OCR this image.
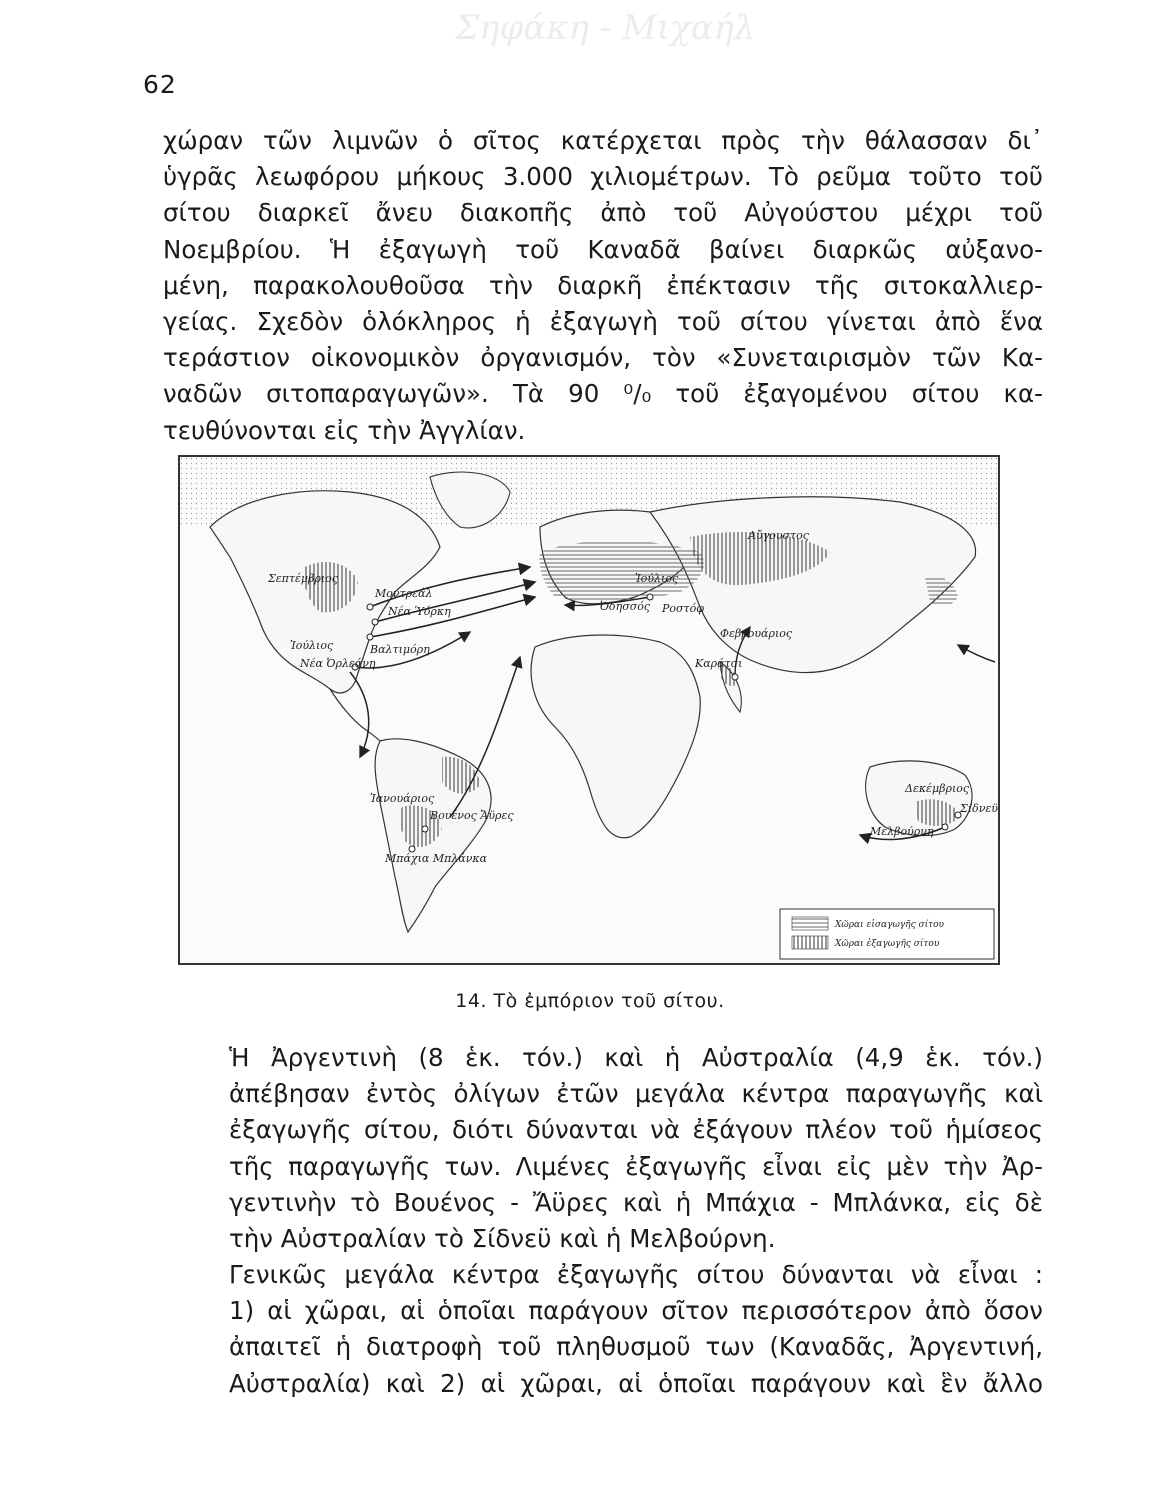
Σηφάκη - Μιχαήλ
62
χώραν τῶν λιμνῶν ὁ σῖτος κατέρχεται πρὸς τὴν θάλασσαν δι᾽
ὑγρᾶς λεωφόρου μήκους 3.000 χιλιομέτρων. Τὸ ρεῦμα τοῦτο τοῦ
σίτου διαρκεῖ ἄνευ διακοπῆς ἀπὸ τοῦ Αὐγούστου μέχρι τοῦ
Νοεμβρίου. Ἡ ἐξαγωγὴ τοῦ Καναδᾶ βαίνει διαρκῶς αὐξανο-
μένη, παρακολουθοῦσα τὴν διαρκῆ ἐπέκτασιν τῆς σιτοκαλλιερ-
γείας. Σχεδὸν ὁλόκληρος ἡ ἐξαγωγὴ τοῦ σίτου γίνεται ἀπὸ ἕνα
τεράστιον οἰκονομικὸν ὀργανισμόν, τὸν «Συνεταιρισμὸν τῶν Κα-
ναδῶν σιτοπαραγωγῶν». Τὰ 90 ⁰/₀ τοῦ ἐξαγομένου σίτου κα-
τευθύνονται εἰς τὴν Ἀγγλίαν.
Σεπτέμβριος
Ἰούλιος
Νέα Ὀρλεάνη
Μοντρεάλ
Νέα Ὑόρκη
Βαλτιμόρη
Αὔγουστος
Ἰούλιος
Ὀδησσός Ροστόφ
Φεβρουάριος
Καράτσι
Ἰανουάριος
Βουένος Ἄϋρες
Μπάχια Μπλάνκα
Δεκέμβριος
Σίδνεϋ
Μελβούρνη
Χῶραι εἰσαγωγῆς σίτου
Χῶραι ἐξαγωγῆς σίτου
14. Τὸ ἐμπόριον τοῦ σίτου.
Ἡ Ἀργεντινὴ (8 ἑκ. τόν.) καὶ ἡ Αὐστραλία (4,9 ἑκ. τόν.)
ἀπέβησαν ἐντὸς ὀλίγων ἐτῶν μεγάλα κέντρα παραγωγῆς καὶ
ἐξαγωγῆς σίτου, διότι δύνανται νὰ ἐξάγουν πλέον τοῦ ἡμίσεος
τῆς παραγωγῆς των. Λιμένες ἐξαγωγῆς εἶναι εἰς μὲν τὴν Ἀρ-
γεντινὴν τὸ Βουένος - Ἄϋρες καὶ ἡ Μπάχια - Μπλάνκα, εἰς δὲ
τὴν Αὐστραλίαν τὸ Σίδνεϋ καὶ ἡ Μελβούρνη.
Γενικῶς μεγάλα κέντρα ἐξαγωγῆς σίτου δύνανται νὰ εἶναι :
1) αἱ χῶραι, αἱ ὁποῖαι παράγουν σῖτον περισσότερον ἀπὸ ὅσον
ἀπαιτεῖ ἡ διατροφὴ τοῦ πληθυσμοῦ των (Καναδᾶς, Ἀργεντινή,
Αὐστραλία) καὶ 2) αἱ χῶραι, αἱ ὁποῖαι παράγουν καὶ ἓν ἄλλο
